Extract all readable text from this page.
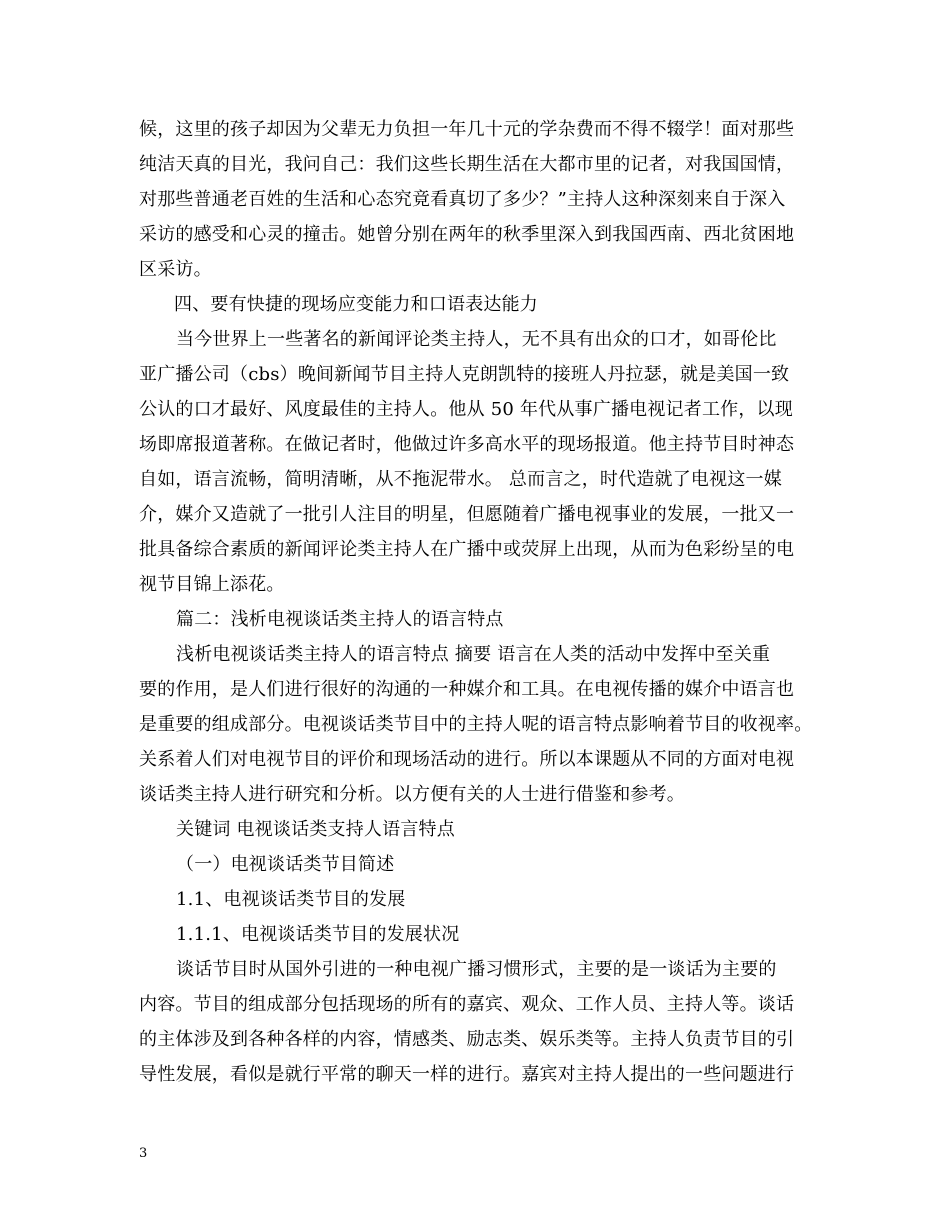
候，这里的孩子却因为父辈无力负担一年几十元的学杂费而不得不辍学！面对那些
纯洁天真的目光，我问自己：我们这些长期生活在大都市里的记者，对我国国情，
对那些普通老百姓的生活和心态究竟看真切了多少？”主持人这种深刻来自于深入
采访的感受和心灵的撞击。她曾分别在两年的秋季里深入到我国西南、西北贫困地
区采访。
四、要有快捷的现场应变能力和口语表达能力
当今世界上一些著名的新闻评论类主持人，无不具有出众的口才，如哥伦比
亚广播公司（cbs）晚间新闻节目主持人克朗凯特的接班人丹拉瑟，就是美国一致
公认的口才最好、风度最佳的主持人。他从 50 年代从事广播电视记者工作，以现
场即席报道著称。在做记者时，他做过许多高水平的现场报道。他主持节目时神态
自如，语言流畅，简明清晰，从不拖泥带水。 总而言之，时代造就了电视这一媒
介，媒介又造就了一批引人注目的明星，但愿随着广播电视事业的发展，一批又一
批具备综合素质的新闻评论类主持人在广播中或荧屏上出现，从而为色彩纷呈的电
视节目锦上添花。
篇二：浅析电视谈话类主持人的语言特点
浅析电视谈话类主持人的语言特点 摘要 语言在人类的活动中发挥中至关重
要的作用，是人们进行很好的沟通的一种媒介和工具。在电视传播的媒介中语言也
是重要的组成部分。电视谈话类节目中的主持人呢的语言特点影响着节目的收视率。
关系着人们对电视节目的评价和现场活动的进行。所以本课题从不同的方面对电视
谈话类主持人进行研究和分析。以方便有关的人士进行借鉴和参考。
关键词 电视谈话类支持人语言特点
（一）电视谈话类节目简述
1.1、电视谈话类节目的发展
1.1.1、电视谈话类节目的发展状况
谈话节目时从国外引进的一种电视广播习惯形式，主要的是一谈话为主要的
内容。节目的组成部分包括现场的所有的嘉宾、观众、工作人员、主持人等。谈话
的主体涉及到各种各样的内容，情感类、励志类、娱乐类等。主持人负责节目的引
导性发展，看似是就行平常的聊天一样的进行。嘉宾对主持人提出的一些问题进行
3
